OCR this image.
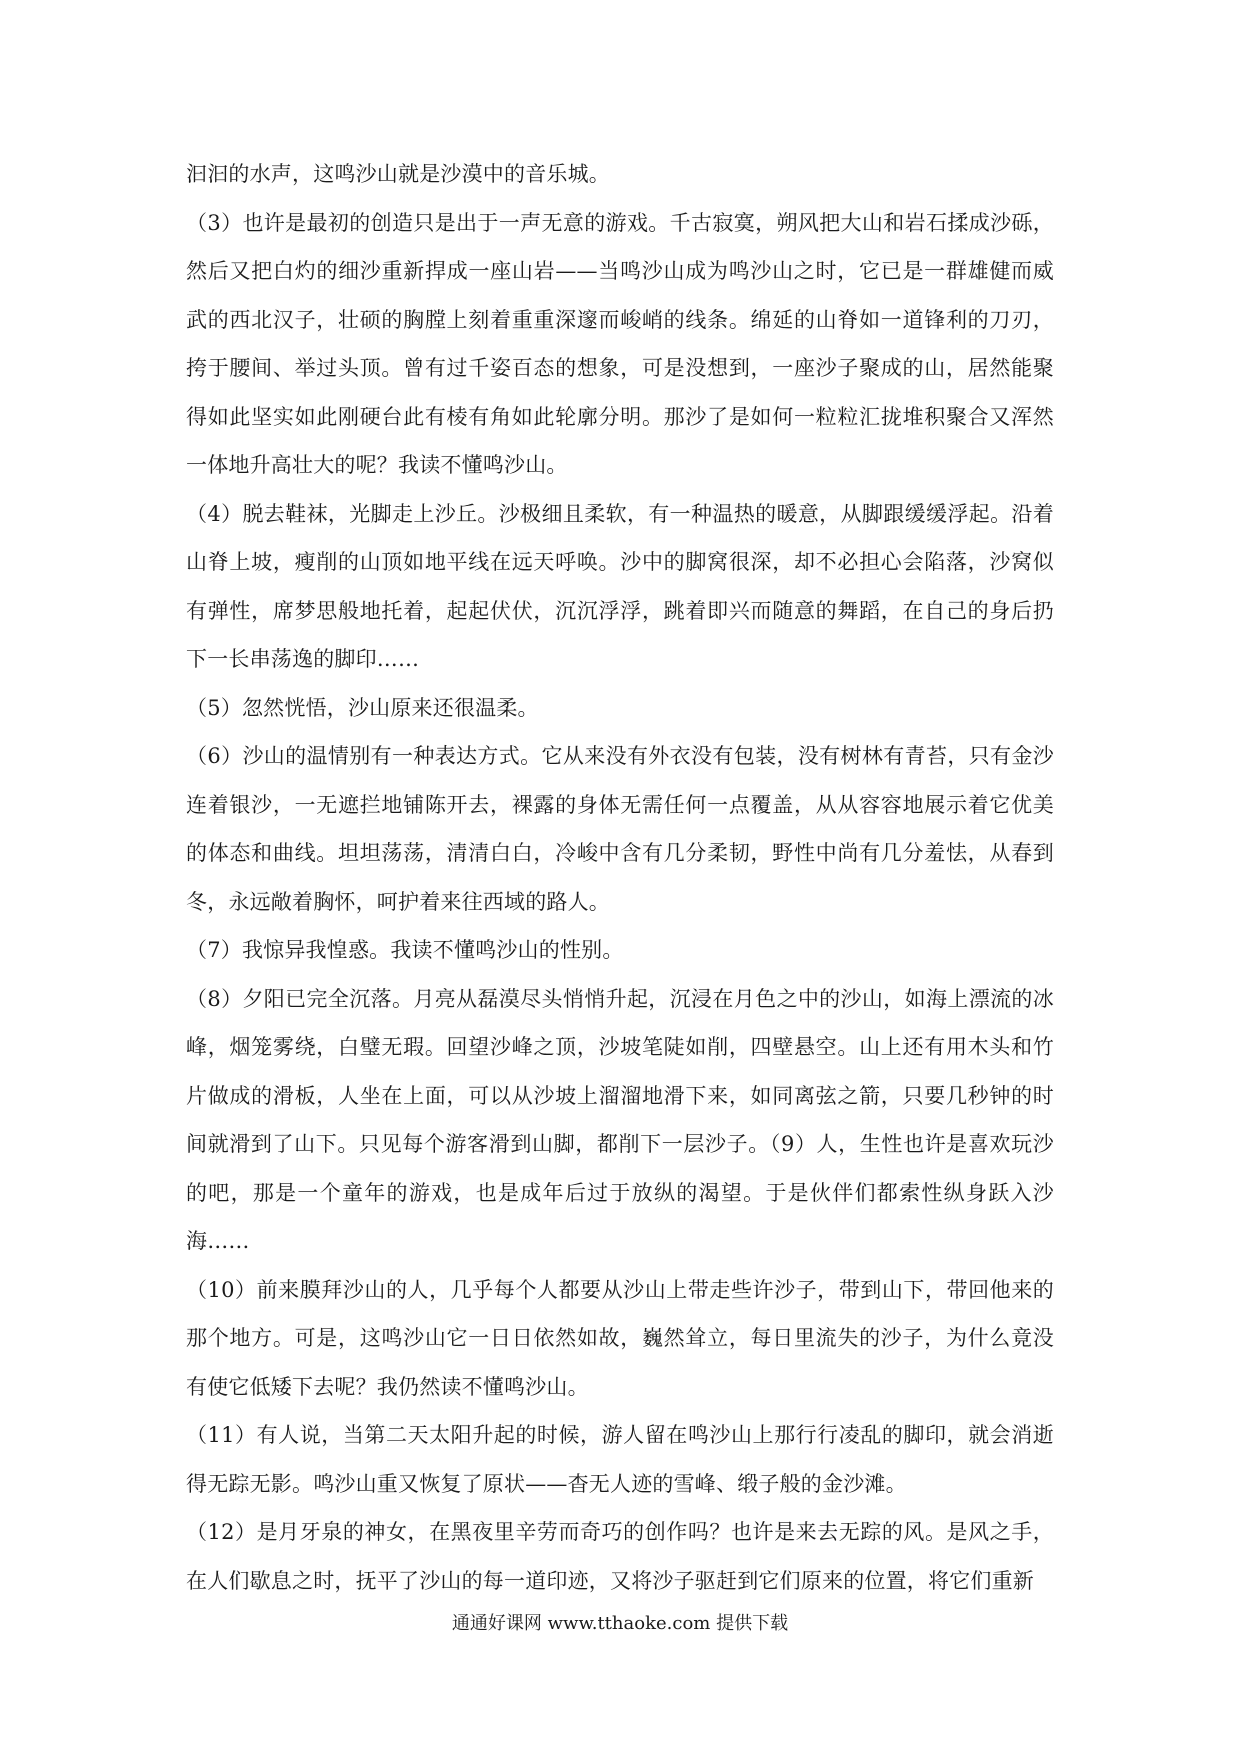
汩汩的水声，这鸣沙山就是沙漠中的音乐城。

（3）也许是最初的创造只是出于一声无意的游戏。千古寂寞，朔风把大山和岩石揉成沙砾，然后又把白灼的细沙重新捍成一座山岩——当鸣沙山成为鸣沙山之时，它已是一群雄健而威武的西北汉子，壮硕的胸膛上刻着重重深邃而峻峭的线条。绵延的山脊如一道锋利的刀刃，挎于腰间、举过头顶。曾有过千姿百态的想象，可是没想到，一座沙子聚成的山，居然能聚得如此坚实如此刚硬台此有棱有角如此轮廓分明。那沙了是如何一粒粒汇拢堆积聚合又浑然一体地升高壮大的呢？我读不懂鸣沙山。

（4）脱去鞋袜，光脚走上沙丘。沙极细且柔软，有一种温热的暖意，从脚跟缓缓浮起。沿着山脊上坡，瘦削的山顶如地平线在远天呼唤。沙中的脚窝很深，却不必担心会陷落，沙窝似有弹性，席梦思般地托着，起起伏伏，沉沉浮浮，跳着即兴而随意的舞蹈，在自己的身后扔下一长串荡逸的脚印……

（5）忽然恍悟，沙山原来还很温柔。

（6）沙山的温情别有一种表达方式。它从来没有外衣没有包装，没有树林有青苔，只有金沙连着银沙，一无遮拦地铺陈开去，裸露的身体无需任何一点覆盖，从从容容地展示着它优美的体态和曲线。坦坦荡荡，清清白白，冷峻中含有几分柔韧，野性中尚有几分羞怯，从春到冬，永远敞着胸怀，呵护着来往西域的路人。

（7）我惊异我惶惑。我读不懂鸣沙山的性别。

（8）夕阳已完全沉落。月亮从磊漠尽头悄悄升起，沉浸在月色之中的沙山，如海上漂流的冰峰，烟笼雾绕，白璧无瑕。回望沙峰之顶，沙坡笔陡如削，四壁悬空。山上还有用木头和竹片做成的滑板，人坐在上面，可以从沙坡上溜溜地滑下来，如同离弦之箭，只要几秒钟的时间就滑到了山下。只见每个游客滑到山脚，都削下一层沙子。（9）人，生性也许是喜欢玩沙的吧，那是一个童年的游戏，也是成年后过于放纵的渴望。于是伙伴们都索性纵身跃入沙海……

（10）前来膜拜沙山的人，几乎每个人都要从沙山上带走些许沙子，带到山下，带回他来的那个地方。可是，这鸣沙山它一日日依然如故，巍然耸立，每日里流失的沙子，为什么竟没有使它低矮下去呢？我仍然读不懂鸣沙山。

（11）有人说，当第二天太阳升起的时候，游人留在鸣沙山上那行行凌乱的脚印，就会消逝得无踪无影。鸣沙山重又恢复了原状——杳无人迹的雪峰、缎子般的金沙滩。

（12）是月牙泉的神女，在黑夜里辛劳而奇巧的创作吗？也许是来去无踪的风。是风之手，在人们歇息之时，抚平了沙山的每一道印迹，又将沙子驱赶到它们原来的位置，将它们重新

通通好课网 www.tthaoke.com 提供下载
